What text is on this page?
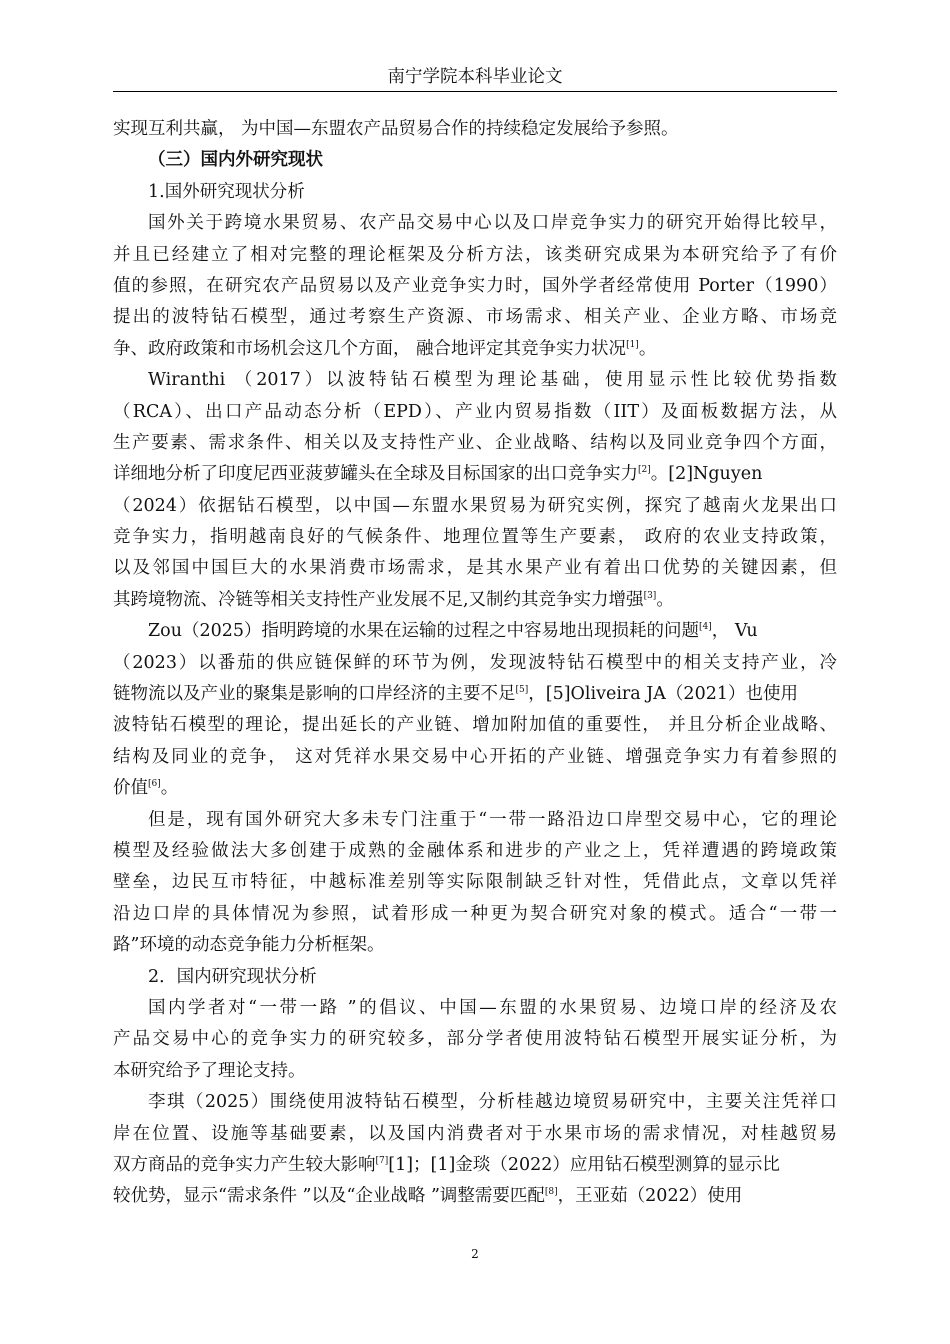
南宁学院本科毕业论文
实现互利共赢， 为中国—东盟农产品贸易合作的持续稳定发展给予参照。
（三）国内外研究现状
1.国外研究现状分析
国外关于跨境水果贸易、农产品交易中心以及口岸竞争实力的研究开始得比较早，
并且已经建立了相对完整的理论框架及分析方法，该类研究成果为本研究给予了有价
值的参照，在研究农产品贸易以及产业竞争实力时，国外学者经常使用 Porter（1990）
提出的波特钻石模型，通过考察生产资源、市场需求、相关产业、企业方略、市场竞
争、政府政策和市场机会这几个方面， 融合地评定其竞争实力状况[1]。
Wiranthi （2017）以波特钻石模型为理论基础，使用显示性比较优势指数
（RCA）、出口产品动态分析（EPD）、产业内贸易指数（IIT）及面板数据方法，从
生产要素、需求条件、相关以及支持性产业、企业战略、结构以及同业竞争四个方面，
详细地分析了印度尼西亚菠萝罐头在全球及目标国家的出口竞争实力[2]。[2]Nguyen
（2024）依据钻石模型，以中国—东盟水果贸易为研究实例，探究了越南火龙果出口
竞争实力，指明越南良好的气候条件、地理位置等生产要素， 政府的农业支持政策，
以及邻国中国巨大的水果消费市场需求，是其水果产业有着出口优势的关键因素，但
其跨境物流、冷链等相关支持性产业发展不足,又制约其竞争实力增强[3]。
Zou（2025）指明跨境的水果在运输的过程之中容易地出现损耗的问题[4]， Vu
（2023）以番茄的供应链保鲜的环节为例，发现波特钻石模型中的相关支持产业，冷
链物流以及产业的聚集是影响的口岸经济的主要不足[5]，[5]Oliveira JA（2021）也使用
波特钻石模型的理论，提出延长的产业链、增加附加值的重要性， 并且分析企业战略、
结构及同业的竞争， 这对凭祥水果交易中心开拓的产业链、增强竞争实力有着参照的
价值[6]。
但是，现有国外研究大多未专门注重于“一带一路沿边口岸型交易中心，它的理论
模型及经验做法大多创建于成熟的金融体系和进步的产业之上，凭祥遭遇的跨境政策
壁垒，边民互市特征，中越标准差别等实际限制缺乏针对性，凭借此点，文章以凭祥
沿边口岸的具体情况为参照，试着形成一种更为契合研究对象的模式。适合“一带一
路”环境的动态竞争能力分析框架。
2．国内研究现状分析
国内学者对“一带一路 ”的倡议、中国—东盟的水果贸易、边境口岸的经济及农
产品交易中心的竞争实力的研究较多，部分学者使用波特钻石模型开展实证分析，为
本研究给予了理论支持。
李琪（2025）围绕使用波特钻石模型，分析桂越边境贸易研究中，主要关注凭祥口
岸在位置、设施等基础要素，以及国内消费者对于水果市场的需求情况，对桂越贸易
双方商品的竞争实力产生较大影响[7][1]；[1]金琰（2022）应用钻石模型测算的显示比
较优势，显示“需求条件 ”以及“企业战略 ”调整需要匹配[8]，王亚茹（2022）使用
2
